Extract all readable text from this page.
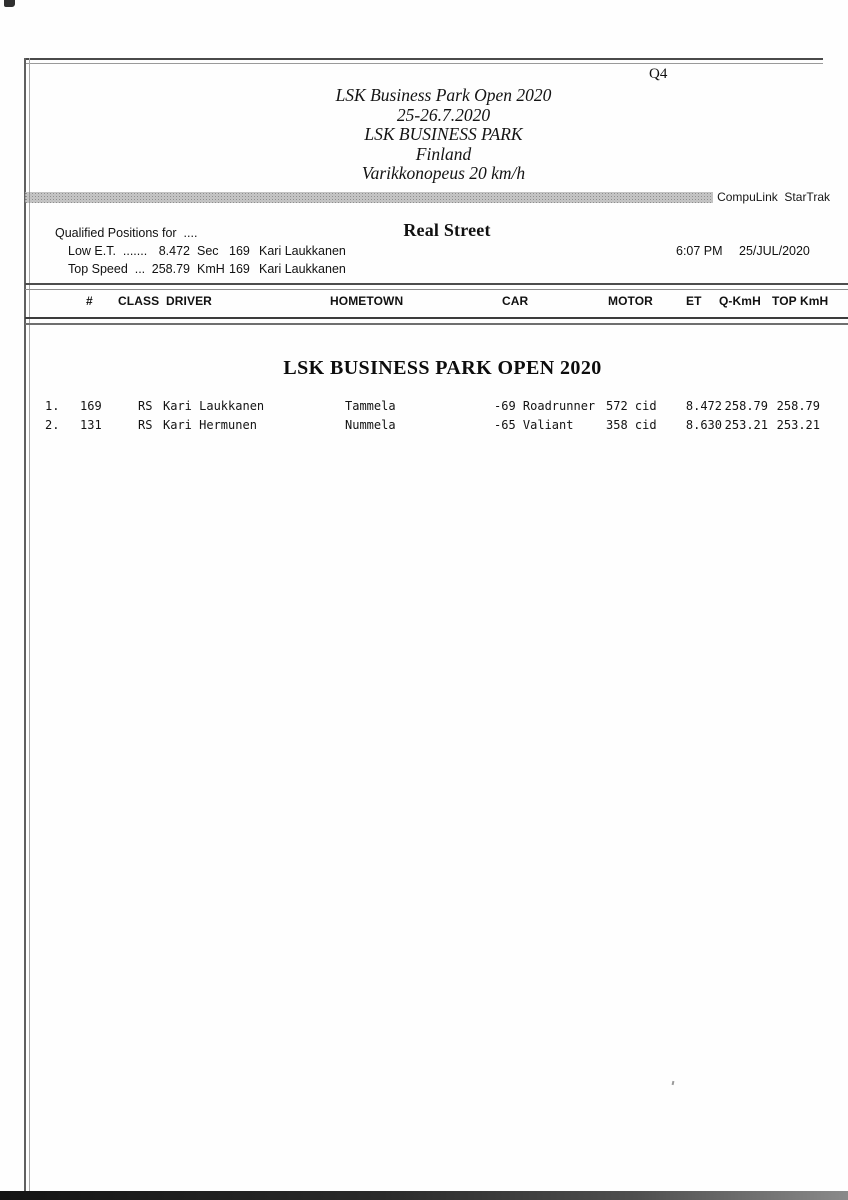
Q4
LSK Business Park Open 2020
25-26.7.2020
LSK BUSINESS PARK
Finland
Varikkonopeus 20 km/h
CompuLink  StarTrak
Qualified Positions for  ....	Real Street
Low E.T.  ....... 8.472 Sec 169 Kari Laukkanen
Top Speed  ... 258.79 KmH 169 Kari Laukkanen
6:07 PM 25/JUL/2020
# CLASS DRIVER	HOMETOWN	CAR	MOTOR	ET Q-KmH TOP KmH
LSK BUSINESS PARK OPEN 2020
1. 169	RS Kari Laukkanen	Tammela	-69 Roadrunner 572 cid	8.472 258.79 258.79
2. 131	RS Kari Hermunen	Nummela	-65 Valiant	358 cid	8.630 253.21 253.21
